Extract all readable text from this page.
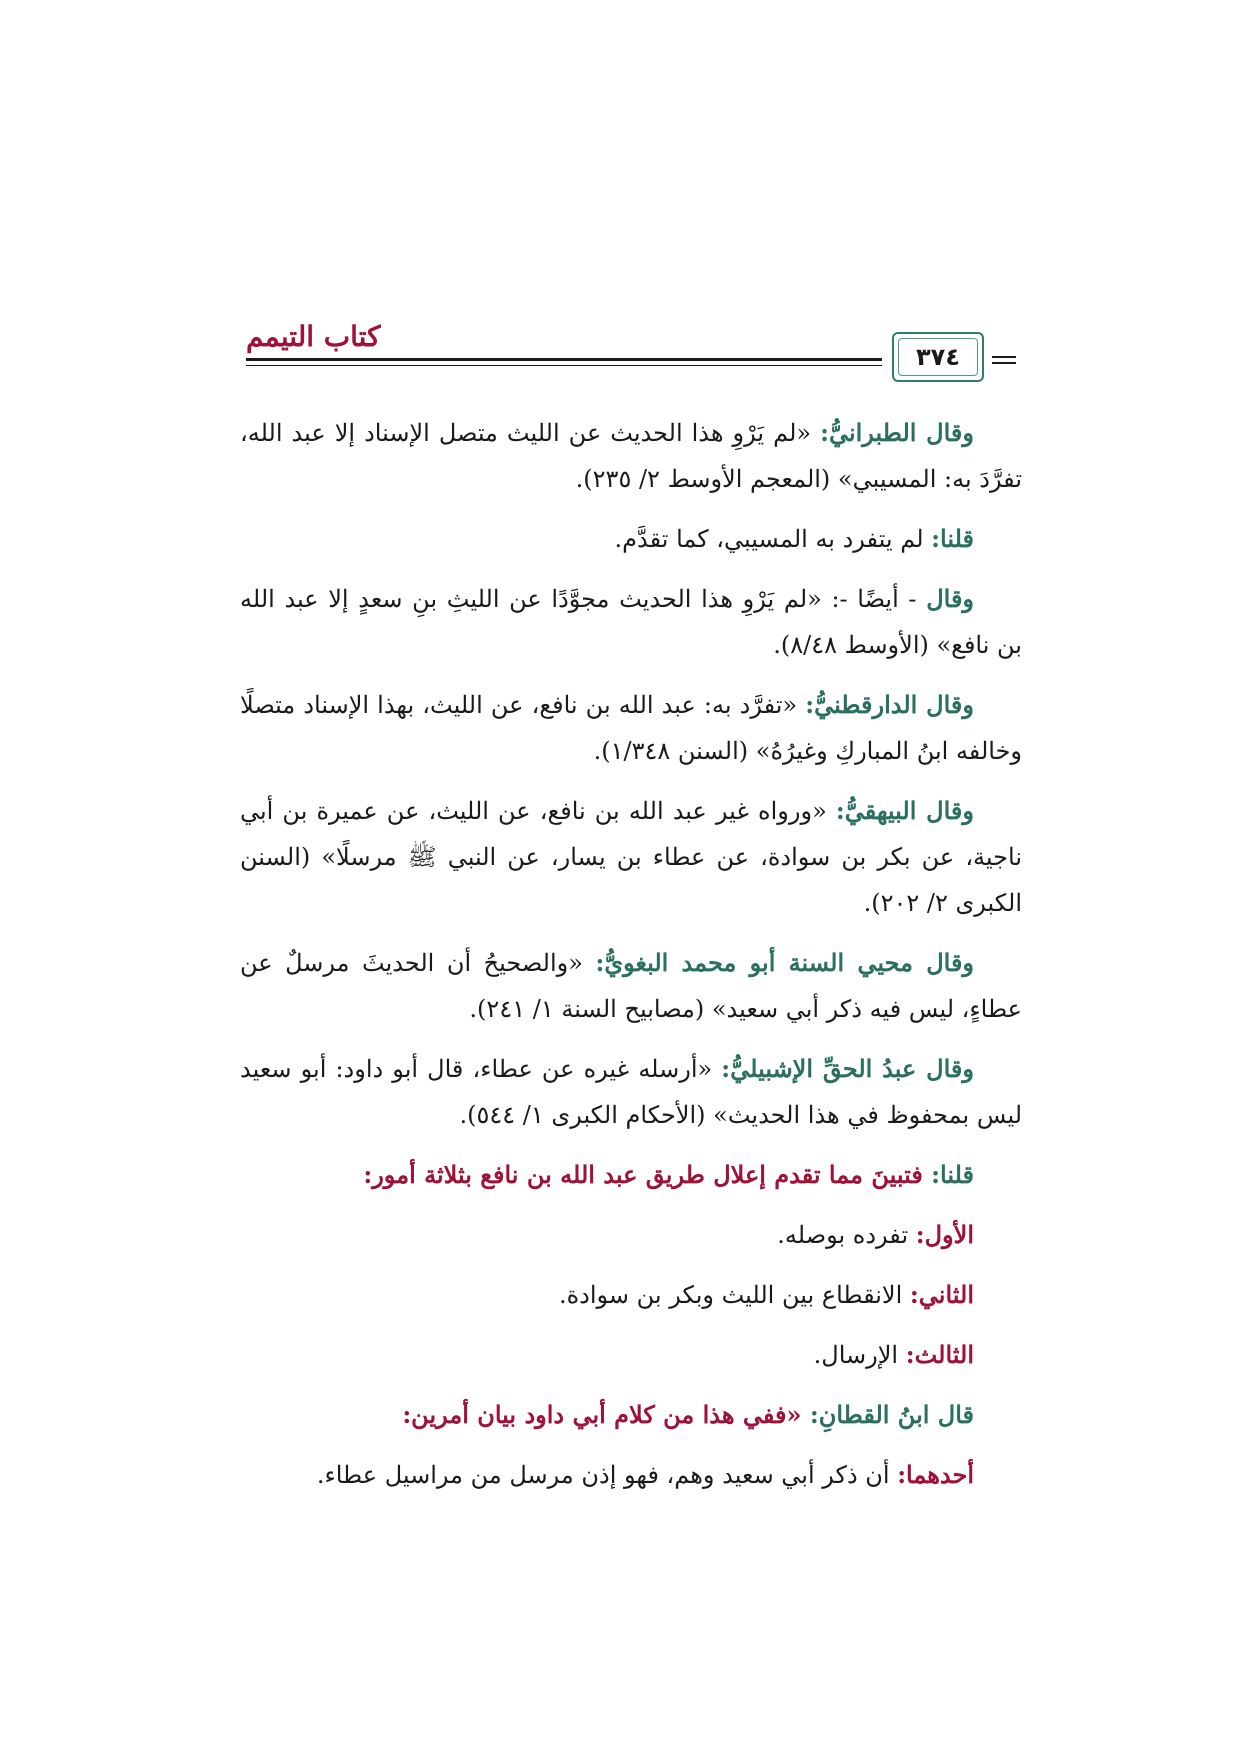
كتاب التيمم
٣٧٤

وقال الطبرانيُّ: «لم يَرْوِ هذا الحديث عن الليث متصل الإسناد إلا عبد الله، تفرَّدَ به: المسيبي» (المعجم الأوسط ٢/ ٢٣٥).

قلنا: لم يتفرد به المسيبي، كما تقدَّم.

وقال - أيضًا -: «لم يَرْوِ هذا الحديث مجوَّدًا عن الليثِ بنِ سعدٍ إلا عبد الله بن نافع» (الأوسط ٨/٤٨).

وقال الدارقطنيُّ: «تفرَّد به: عبد الله بن نافع، عن الليث، بهذا الإسناد متصلًا وخالفه ابنُ المباركِ وغيرُهُ» (السنن ١/٣٤٨).

وقال البيهقيُّ: «ورواه غير عبد الله بن نافع، عن الليث، عن عميرة بن أبي ناجية، عن بكر بن سوادة، عن عطاء بن يسار، عن النبي ﷺ مرسلًا» (السنن الكبرى ٢/ ٢٠٢).

وقال محيي السنة أبو محمد البغويُّ: «والصحيحُ أن الحديثَ مرسلٌ عن عطاءٍ، ليس فيه ذكر أبي سعيد» (مصابيح السنة ١/ ٢٤١).

وقال عبدُ الحقِّ الإشبيليُّ: «أرسله غيره عن عطاء، قال أبو داود: أبو سعيد ليس بمحفوظ في هذا الحديث» (الأحكام الكبرى ١/ ٥٤٤).

قلنا: فتبينَ مما تقدم إعلال طريق عبد الله بن نافع بثلاثة أمور:

الأول: تفرده بوصله.

الثاني: الانقطاع بين الليث وبكر بن سوادة.

الثالث: الإرسال.

قال ابنُ القطانِ: «ففي هذا من كلام أبي داود بيان أمرين:

أحدهما: أن ذكر أبي سعيد وهم، فهو إذن مرسل من مراسيل عطاء.
